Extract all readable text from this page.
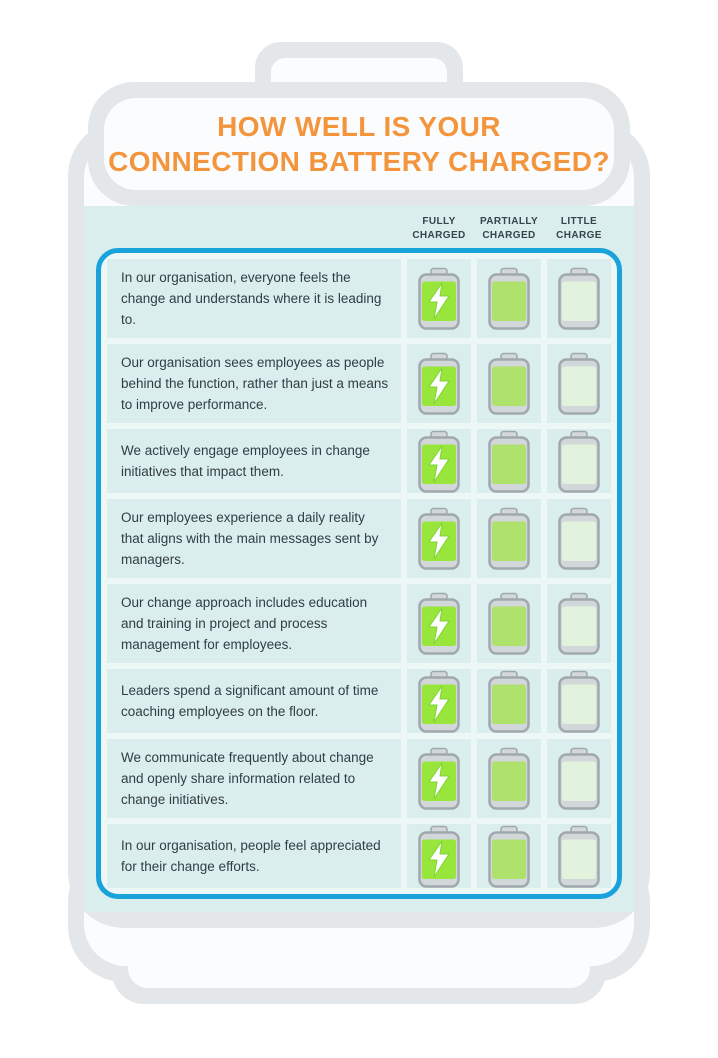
HOW WELL IS YOUR
CONNECTION BATTERY CHARGED?
FULLY CHARGED
PARTIALLY CHARGED
LITTLE CHARGE
In our organisation, everyone feels the change and understands where it is leading to.
Our organisation sees employees as people behind the function, rather than just a means to improve performance.
We actively engage employees in change initiatives that impact them.
Our employees experience a daily reality that aligns with the main messages sent by managers.
Our change approach includes education and training in project and process management for employees.
Leaders spend a significant amount of time coaching employees on the floor.
We communicate frequently about change and openly share information related to change initiatives.
In our organisation, people feel appreciated for their change efforts.
